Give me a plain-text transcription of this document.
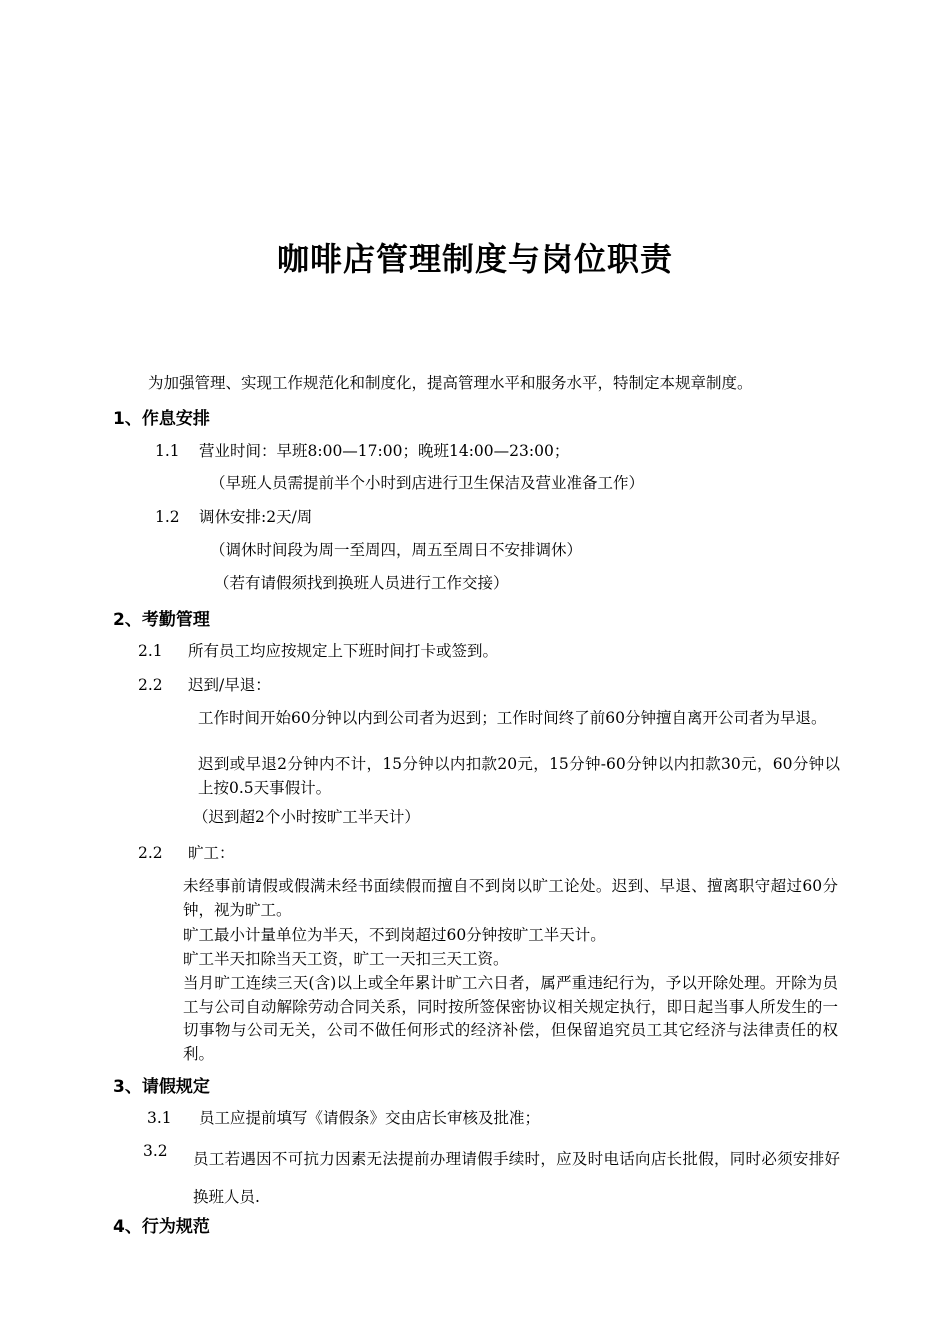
咖啡店管理制度与岗位职责
为加强管理、实现工作规范化和制度化，提高管理水平和服务水平，特制定本规章制度。
1、作息安排
1.1 营业时间：早班8:00—17:00；晚班14:00—23:00；
（早班人员需提前半个小时到店进行卫生保洁及营业准备工作）
1.2 调休安排:2天/周
（调休时间段为周一至周四，周五至周日不安排调休）
（若有请假须找到换班人员进行工作交接）
2、考勤管理
2.1 所有员工均应按规定上下班时间打卡或签到。
2.2 迟到/早退：
工作时间开始60分钟以内到公司者为迟到；工作时间终了前60分钟擅自离开公司者为早退。
迟到或早退2分钟内不计，15分钟以内扣款20元，15分钟-60分钟以内扣款30元，60分钟以上按0.5天事假计。
（迟到超2个小时按旷工半天计）
2.2 旷工：
未经事前请假或假满未经书面续假而擅自不到岗以旷工论处。迟到、早退、擅离职守超过60分钟，视为旷工。
旷工最小计量单位为半天，不到岗超过60分钟按旷工半天计。
旷工半天扣除当天工资，旷工一天扣三天工资。
当月旷工连续三天(含)以上或全年累计旷工六日者，属严重违纪行为，予以开除处理。开除为员工与公司自动解除劳动合同关系，同时按所签保密协议相关规定执行，即日起当事人所发生的一切事物与公司无关，公司不做任何形式的经济补偿，但保留追究员工其它经济与法律责任的权利。
3、请假规定
3.1 员工应提前填写《请假条》交由店长审核及批准；
3.2	员工若遇因不可抗力因素无法提前办理请假手续时，应及时电话向店长批假，同时必须安排好换班人员.
4、行为规范
